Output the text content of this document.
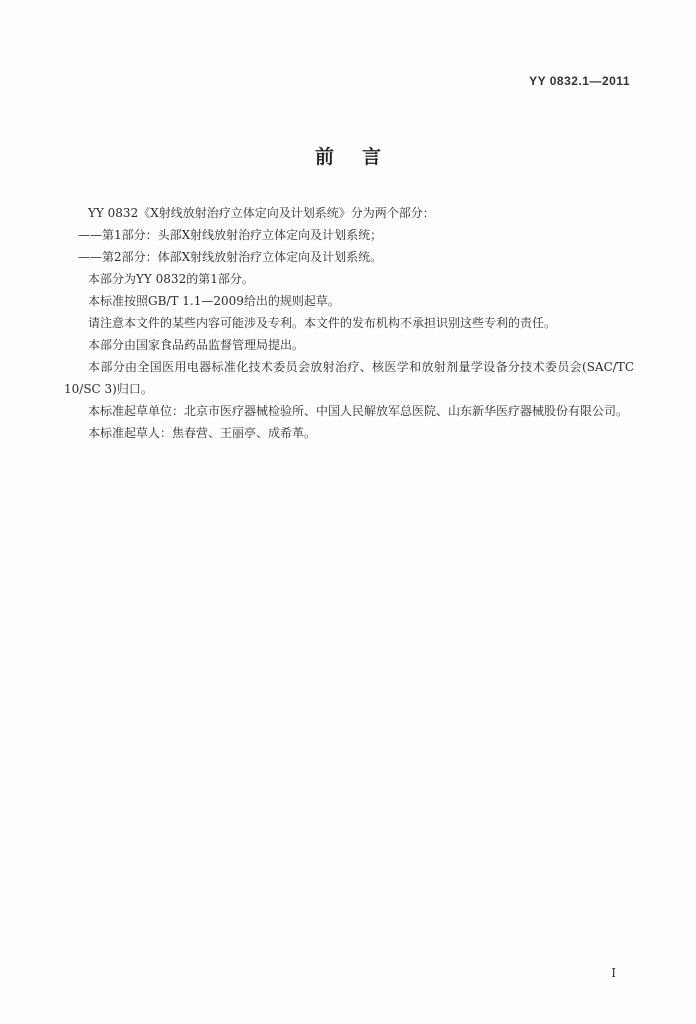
YY 0832.1—2011
前言

YY 0832《X射线放射治疗立体定向及计划系统》分为两个部分：

——第1部分：头部X射线放射治疗立体定向及计划系统；

——第2部分：体部X射线放射治疗立体定向及计划系统。

本部分为YY 0832的第1部分。

本标准按照GB/T 1.1—2009给出的规则起草。

请注意本文件的某些内容可能涉及专利。本文件的发布机构不承担识别这些专利的责任。

本部分由国家食品药品监督管理局提出。

本部分由全国医用电器标准化技术委员会放射治疗、核医学和放射剂量学设备分技术委员会(SAC/TC 10/SC 3)归口。

本标准起草单位：北京市医疗器械检验所、中国人民解放军总医院、山东新华医疗器械股份有限公司。

本标准起草人：焦春营、王丽亭、成希革。

I
